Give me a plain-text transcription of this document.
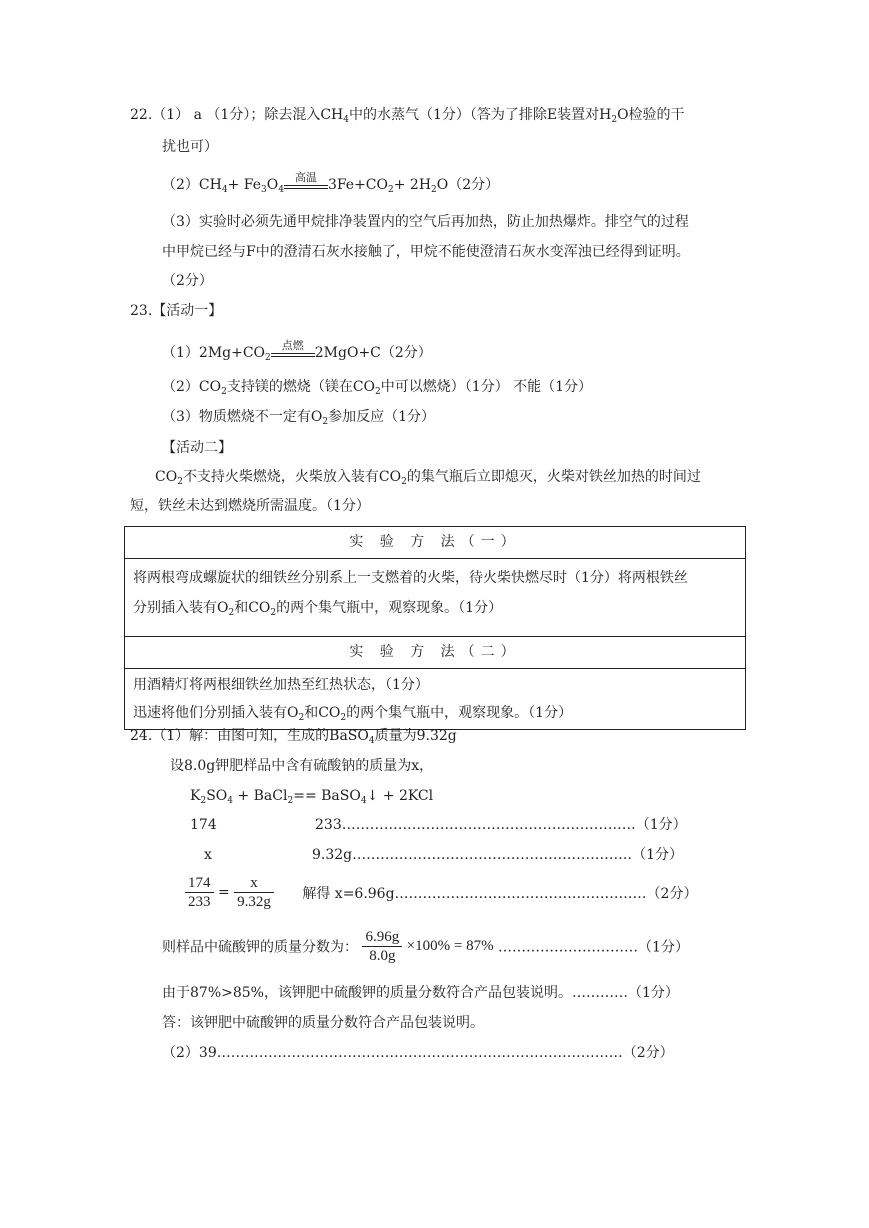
22.（1） a （1分）；除去混入$CH_4$中的水蒸气（1分）（答为了排除E装置对$H_2O$检验的干
扰也可）
$(2)CH_4+ Fe_3O_4$
高温 $3Fe+CO_2+ 2H_2O(2$分）
（3）实验时必须先通甲烷排净装置内的空气后再加热，防止加热爆炸。排空气的过程
中甲烷已经与F中的澄清石灰水接触了，甲烷不能使澄清石灰水变浑浊已经得到证明。
（2分）
23.【活动一】
$(1)2Mg+CO_2$
点燃 2MgO+C（2分）
$(2)CO_2$支持镁的燃烧（镁在$CO_2$中可以燃烧）（1分） 不能（1分）
（3）物质燃烧不一定有$O_2$参加反应（1分）
【活动二】
$CO_2$不支持火柴燃烧，火柴放入装有$CO_2$的集气瓶后立即熄灭，火柴对铁丝加热的时间过
短，铁丝未达到燃烧所需温度。（1分）
实 验 方 法（一）
将两根弯成螺旋状的细铁丝分别系上一支燃着的火柴，待火柴快燃尽时（1分）将两根铁丝
分别插入装有$O_2$和$CO_2$的两个集气瓶中，观察现象。（1分）
实 验 方 法（二）
用酒精灯将两根细铁丝加热至红热状态，（1分）
迅速将他们分别插入装有$O_2$和$CO_2$的两个集气瓶中，观察现象。（1分）
24.（1）解：由图可知，生成的BaSO$_4$质量为9.32g
设8.0g钾肥样品中含有硫酸钠的质量为x，
$K_2SO_4$ + BaCl$_2$== BaSO$_4$↓ + 2KCl
174	233………………………………………………………（1分）
x	9.32g……………………………………………………（1分）
$\frac{174}{233} = \frac{x}{9.32g}$ 解得 x=6.96g………………………………………………（2分）
则样品中硫酸钾的质量分数为： $\frac{6.96g}{8.0g} \times 100\% = 87\%$ …………………………（1分）
由于87%>85%，该钾肥中硫酸钾的质量分数符合产品包装说明。…………（1分）
答：该钾肥中硫酸钾的质量分数符合产品包装说明。
（2）39……………………………………………………………………………（2分）
